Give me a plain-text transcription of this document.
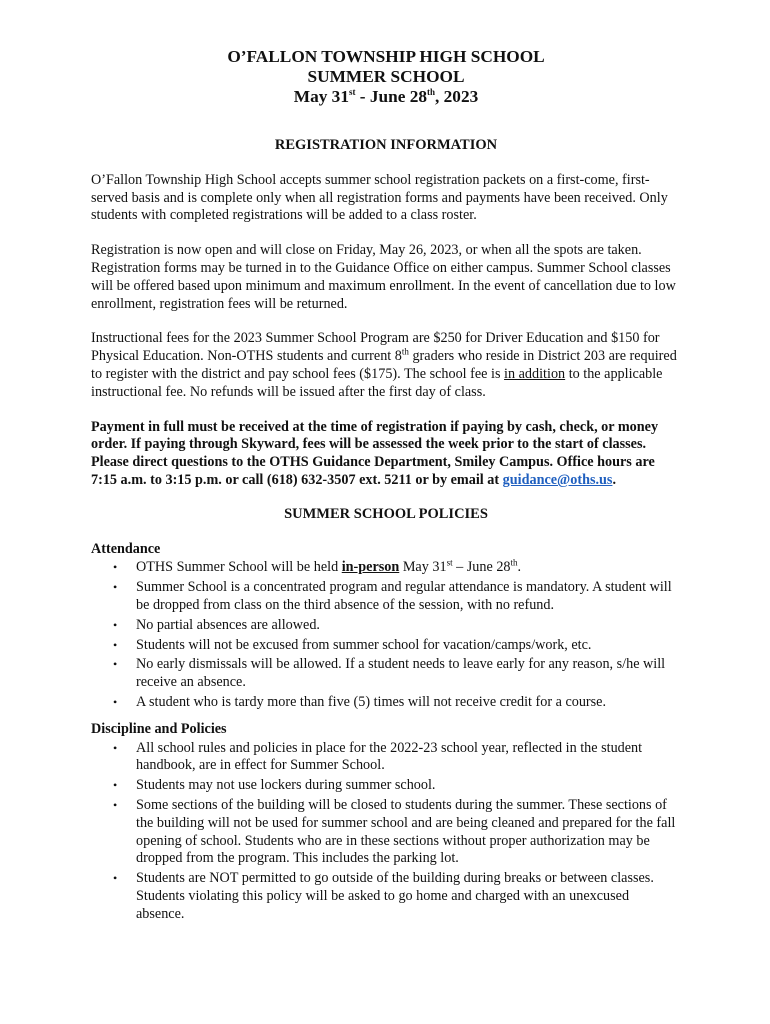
O’FALLON TOWNSHIP HIGH SCHOOL
SUMMER SCHOOL
May 31st - June 28th, 2023
REGISTRATION INFORMATION

O’Fallon Township High School accepts summer school registration packets on a first-come, first-served basis and is complete only when all registration forms and payments have been received. Only students with completed registrations will be added to a class roster.

Registration is now open and will close on Friday, May 26, 2023, or when all the spots are taken. Registration forms may be turned in to the Guidance Office on either campus. Summer School classes will be offered based upon minimum and maximum enrollment. In the event of cancellation due to low enrollment, registration fees will be returned.

Instructional fees for the 2023 Summer School Program are $250 for Driver Education and $150 for Physical Education. Non-OTHS students and current 8th graders who reside in District 203 are required to register with the district and pay school fees ($175). The school fee is in addition to the applicable instructional fee. No refunds will be issued after the first day of class.

Payment in full must be received at the time of registration if paying by cash, check, or money order. If paying through Skyward, fees will be assessed the week prior to the start of classes. Please direct questions to the OTHS Guidance Department, Smiley Campus. Office hours are 7:15 a.m. to 3:15 p.m. or call (618) 632-3507 ext. 5211 or by email at guidance@oths.us.

SUMMER SCHOOL POLICIES
Attendance
• OTHS Summer School will be held in-person May 31st – June 28th.
• Summer School is a concentrated program and regular attendance is mandatory. A student will be dropped from class on the third absence of the session, with no refund.
• No partial absences are allowed.
• Students will not be excused from summer school for vacation/camps/work, etc.
• No early dismissals will be allowed. If a student needs to leave early for any reason, s/he will receive an absence.
• A student who is tardy more than five (5) times will not receive credit for a course.
Discipline and Policies
• All school rules and policies in place for the 2022-23 school year, reflected in the student handbook, are in effect for Summer School.
• Students may not use lockers during summer school.
• Some sections of the building will be closed to students during the summer. These sections of the building will not be used for summer school and are being cleaned and prepared for the fall opening of school. Students who are in these sections without proper authorization may be dropped from the program. This includes the parking lot.
• Students are NOT permitted to go outside of the building during breaks or between classes. Students violating this policy will be asked to go home and charged with an unexcused absence.
